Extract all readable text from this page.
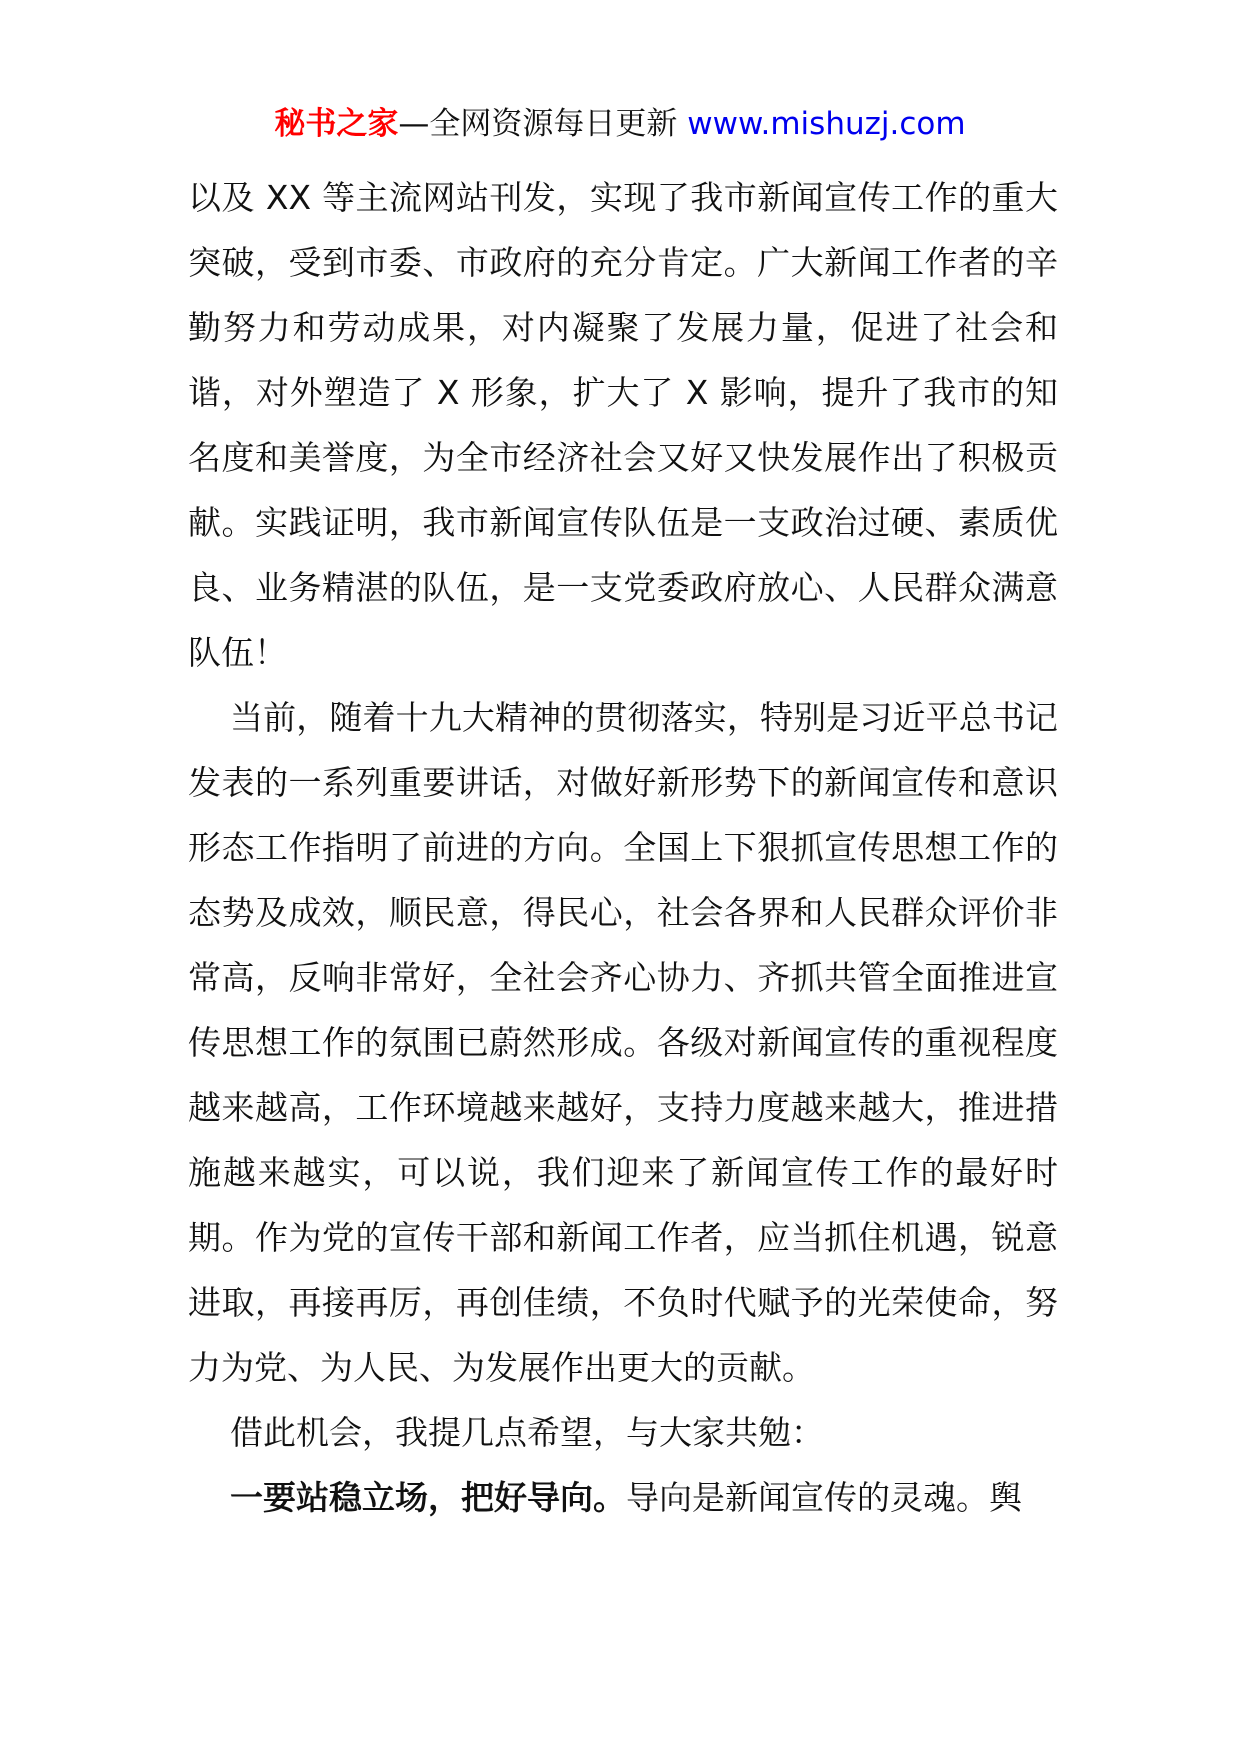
秘书之家—全网资源每日更新 www.mishuzj.com

以及 XX 等主流网站刊发，实现了我市新闻宣传工作的重大突破，受到市委、市政府的充分肯定。广大新闻工作者的辛勤努力和劳动成果，对内凝聚了发展力量，促进了社会和谐，对外塑造了 X 形象，扩大了 X 影响，提升了我市的知名度和美誉度，为全市经济社会又好又快发展作出了积极贡献。实践证明，我市新闻宣传队伍是一支政治过硬、素质优良、业务精湛的队伍，是一支党委政府放心、人民群众满意队伍！

当前，随着十九大精神的贯彻落实，特别是习近平总书记发表的一系列重要讲话，对做好新形势下的新闻宣传和意识形态工作指明了前进的方向。全国上下狠抓宣传思想工作的态势及成效，顺民意，得民心，社会各界和人民群众评价非常高，反响非常好，全社会齐心协力、齐抓共管全面推进宣传思想工作的氛围已蔚然形成。各级对新闻宣传的重视程度越来越高，工作环境越来越好，支持力度越来越大，推进措施越来越实，可以说，我们迎来了新闻宣传工作的最好时期。作为党的宣传干部和新闻工作者，应当抓住机遇，锐意进取，再接再厉，再创佳绩，不负时代赋予的光荣使命，努力为党、为人民、为发展作出更大的贡献。

借此机会，我提几点希望，与大家共勉：

一要站稳立场，把好导向。导向是新闻宣传的灵魂。舆
